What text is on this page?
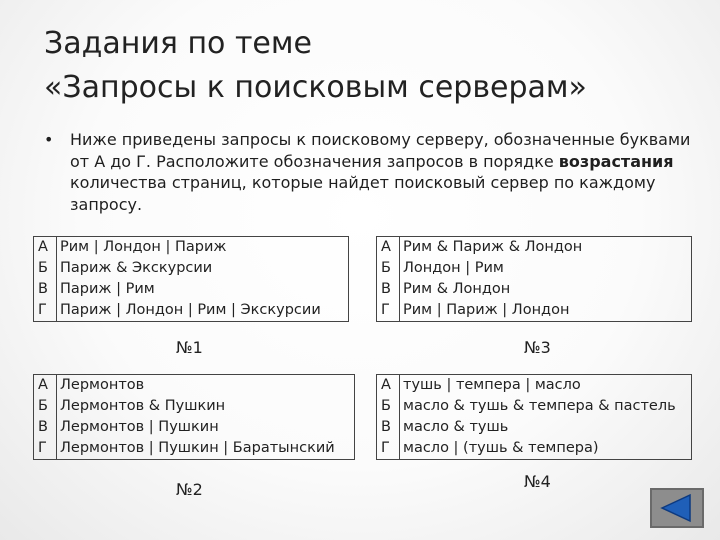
Задания по теме
«Запросы к поисковым серверам»
• Ниже приведены запросы к поисковому серверу, обозначенные буквами от А до Г. Расположите обозначения запросов в порядке возрастания количества страниц, которые найдет поисковый сервер по каждому запросу.
А	Рим | Лондон | Париж
Б	Париж & Экскурсии
В	Париж | Рим
Г	Париж | Лондон | Рим | Экскурсии
№1
А	Рим & Париж & Лондон
Б	Лондон | Рим
В	Рим & Лондон
Г	Рим | Париж | Лондон
№3
А	Лермонтов
Б	Лермонтов & Пушкин
В	Лермонтов | Пушкин
Г	Лермонтов | Пушкин | Баратынский
№2
А	тушь | темпера | масло
Б	масло & тушь & темпера & пастель
В	масло & тушь
Г	масло | (тушь & темпера)
№4
